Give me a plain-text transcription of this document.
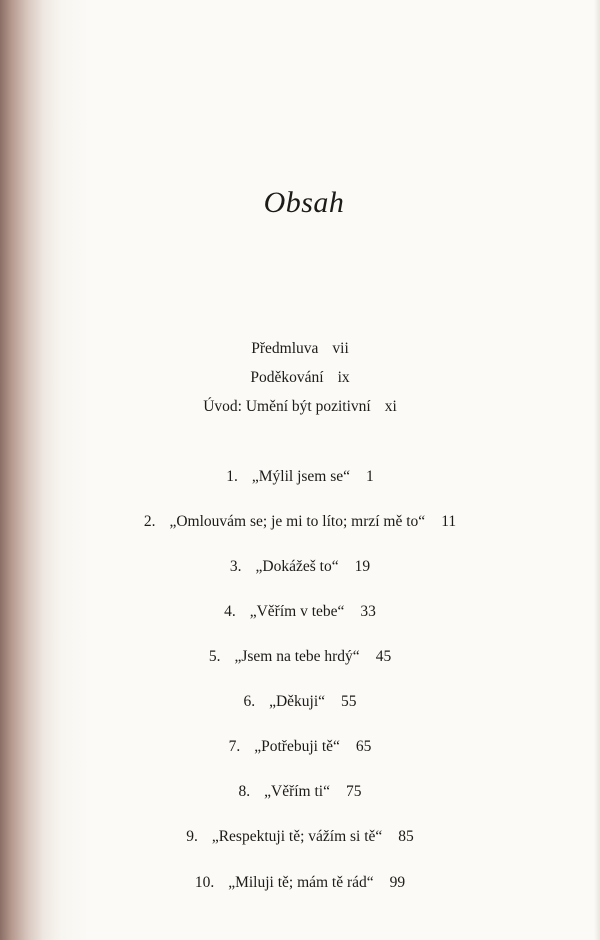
Obsah
Předmluva vii
Poděkování ix
Úvod: Umění být pozitivní xi
1. „Mýlil jsem se“ 1
2. „Omlouvám se; je mi to líto; mrzí mě to“ 11
3. „Dokážeš to“ 19
4. „Věřím v tebe“ 33
5. „Jsem na tebe hrdý“ 45
6. „Děkuji“ 55
7. „Potřebuji tě“ 65
8. „Věřím ti“ 75
9. „Respektuji tě; vážím si tě“ 85
10. „Miluji tě; mám tě rád“ 99
